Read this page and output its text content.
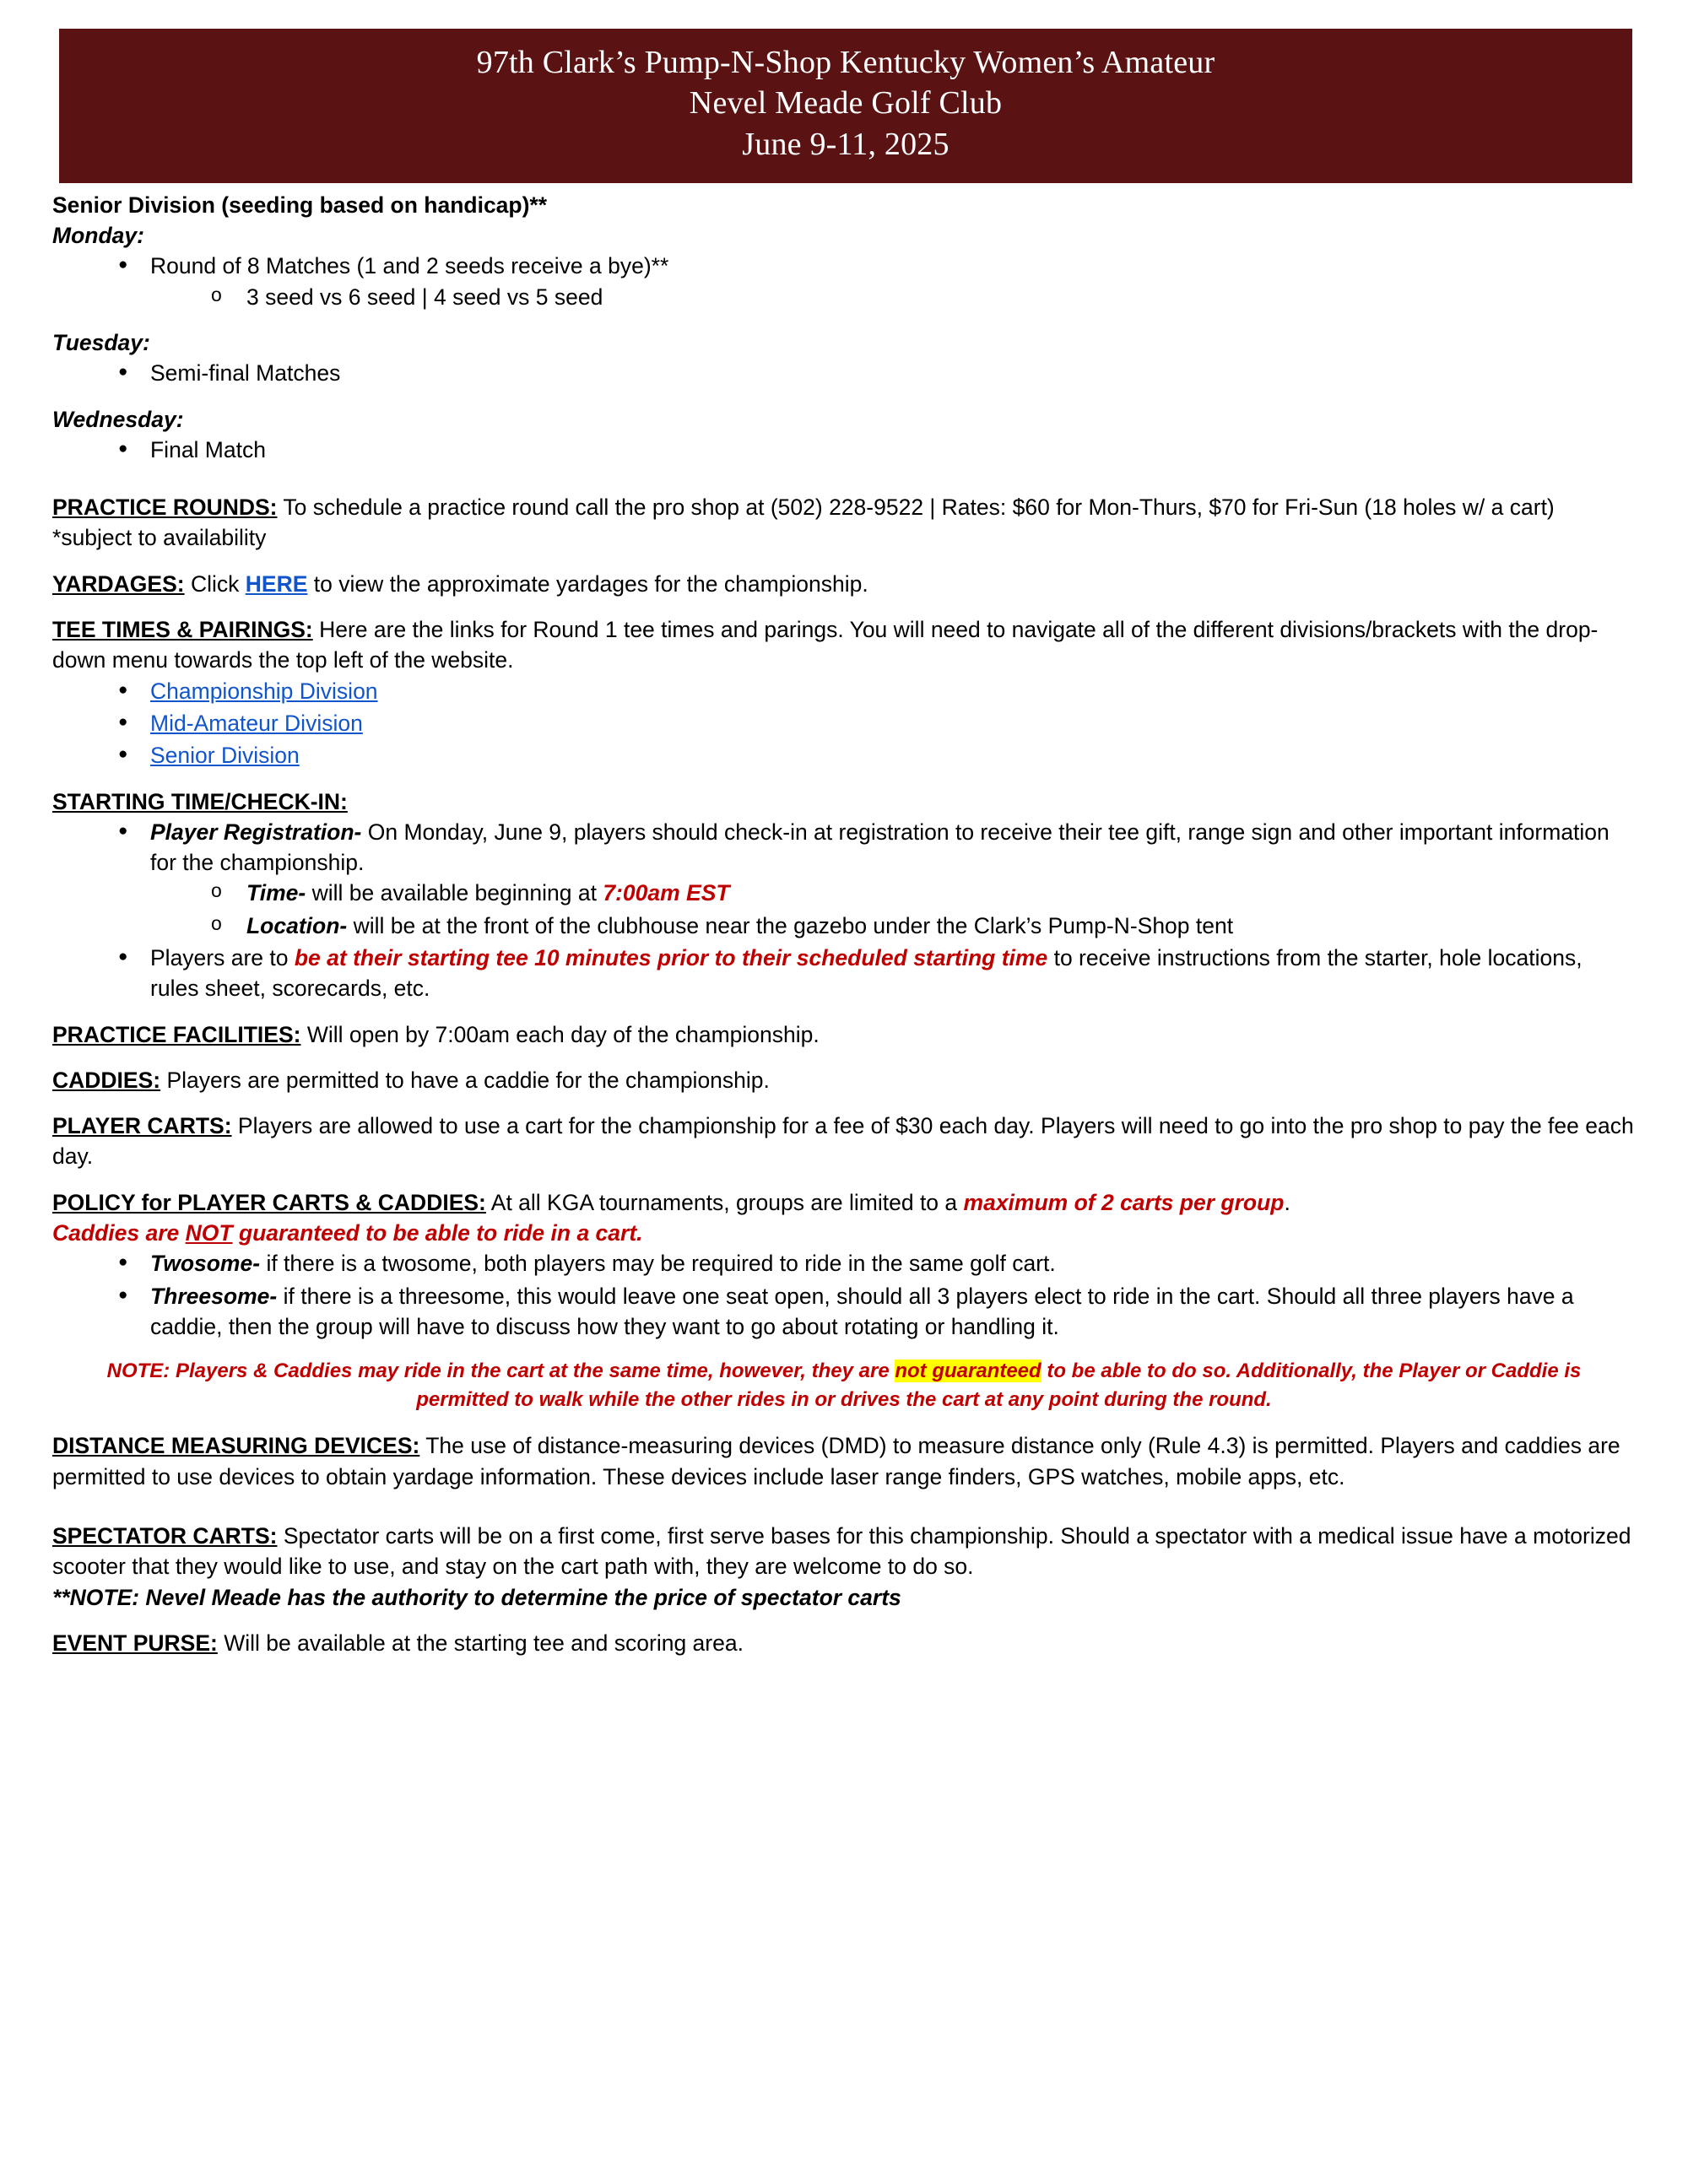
97th Clark’s Pump-N-Shop Kentucky Women’s Amateur
Nevel Meade Golf Club
June 9-11, 2025

Senior Division (seeding based on handicap)**

Monday:

● Round of 8 Matches (1 and 2 seeds receive a bye)**
o 3 seed vs 6 seed | 4 seed vs 5 seed

Tuesday:

● Semi-final Matches

Wednesday:

● Final Match

PRACTICE ROUNDS: To schedule a practice round call the pro shop at (502) 228-9522 | Rates: $60 for Mon-Thurs, $70 for Fri-Sun (18 holes w/ a cart) *subject to availability

YARDAGES: Click HERE to view the approximate yardages for the championship.

TEE TIMES & PAIRINGS: Here are the links for Round 1 tee times and parings. You will need to navigate all of the different divisions/brackets with the drop-down menu towards the top left of the website.

● Championship Division
● Mid-Amateur Division
● Senior Division

STARTING TIME/CHECK-IN:

● Player Registration- On Monday, June 9, players should check-in at registration to receive their tee gift, range sign and other important information for the championship.
o Time- will be available beginning at 7:00am EST
o Location- will be at the front of the clubhouse near the gazebo under the Clark’s Pump-N-Shop tent
● Players are to be at their starting tee 10 minutes prior to their scheduled starting time to receive instructions from the starter, hole locations, rules sheet, scorecards, etc.

PRACTICE FACILITIES: Will open by 7:00am each day of the championship.

CADDIES: Players are permitted to have a caddie for the championship.

PLAYER CARTS: Players are allowed to use a cart for the championship for a fee of $30 each day. Players will need to go into the pro shop to pay the fee each day.

POLICY for PLAYER CARTS & CADDIES: At all KGA tournaments, groups are limited to a maximum of 2 carts per group.

Caddies are NOT guaranteed to be able to ride in a cart.

● Twosome- if there is a twosome, both players may be required to ride in the same golf cart.
● Threesome- if there is a threesome, this would leave one seat open, should all 3 players elect to ride in the cart. Should all three players have a caddie, then the group will have to discuss how they want to go about rotating or handling it.

NOTE: Players & Caddies may ride in the cart at the same time, however, they are not guaranteed to be able to do so. Additionally, the Player or Caddie is permitted to walk while the other rides in or drives the cart at any point during the round.

DISTANCE MEASURING DEVICES: The use of distance-measuring devices (DMD) to measure distance only (Rule 4.3) is permitted. Players and caddies are permitted to use devices to obtain yardage information. These devices include laser range finders, GPS watches, mobile apps, etc.

SPECTATOR CARTS: Spectator carts will be on a first come, first serve bases for this championship. Should a spectator with a medical issue have a motorized scooter that they would like to use, and stay on the cart path with, they are welcome to do so.

**NOTE: Nevel Meade has the authority to determine the price of spectator carts

EVENT PURSE: Will be available at the starting tee and scoring area.
